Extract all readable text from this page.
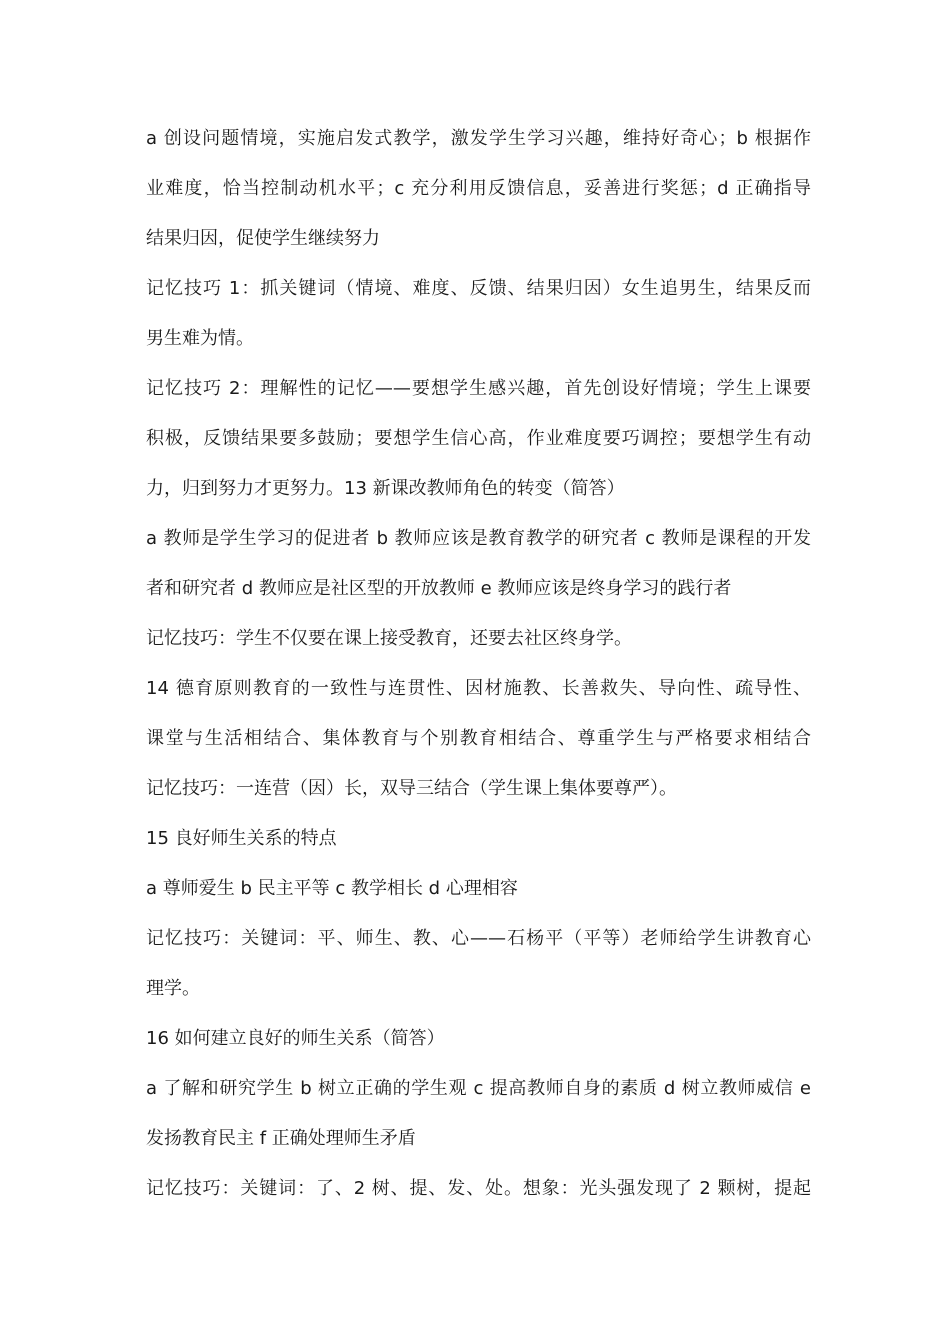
a 创设问题情境，实施启发式教学，激发学生学习兴趣，维持好奇心；b 根据作
业难度，恰当控制动机水平；c 充分利用反馈信息，妥善进行奖惩；d 正确指导
结果归因，促使学生继续努力
记忆技巧 1：抓关键词（情境、难度、反馈、结果归因）女生追男生，结果反而
男生难为情。
记忆技巧 2：理解性的记忆——要想学生感兴趣，首先创设好情境；学生上课要
积极，反馈结果要多鼓励；要想学生信心高，作业难度要巧调控；要想学生有动
力，归到努力才更努力。13 新课改教师角色的转变（简答）
a 教师是学生学习的促进者 b 教师应该是教育教学的研究者 c 教师是课程的开发
者和研究者 d 教师应是社区型的开放教师 e 教师应该是终身学习的践行者
记忆技巧：学生不仅要在课上接受教育，还要去社区终身学。
14 德育原则教育的一致性与连贯性、因材施教、长善救失、导向性、疏导性、
课堂与生活相结合、集体教育与个别教育相结合、尊重学生与严格要求相结合
记忆技巧：一连营（因）长，双导三结合（学生课上集体要尊严）。
15 良好师生关系的特点
a 尊师爱生 b 民主平等 c 教学相长 d 心理相容
记忆技巧：关键词：平、师生、教、心——石杨平（平等）老师给学生讲教育心
理学。
16 如何建立良好的师生关系（简答）
a 了解和研究学生 b 树立正确的学生观 c 提高教师自身的素质 d 树立教师威信 e
发扬教育民主 f 正确处理师生矛盾
记忆技巧：关键词：了、2 树、提、发、处。想象：光头强发现了 2 颗树，提起
